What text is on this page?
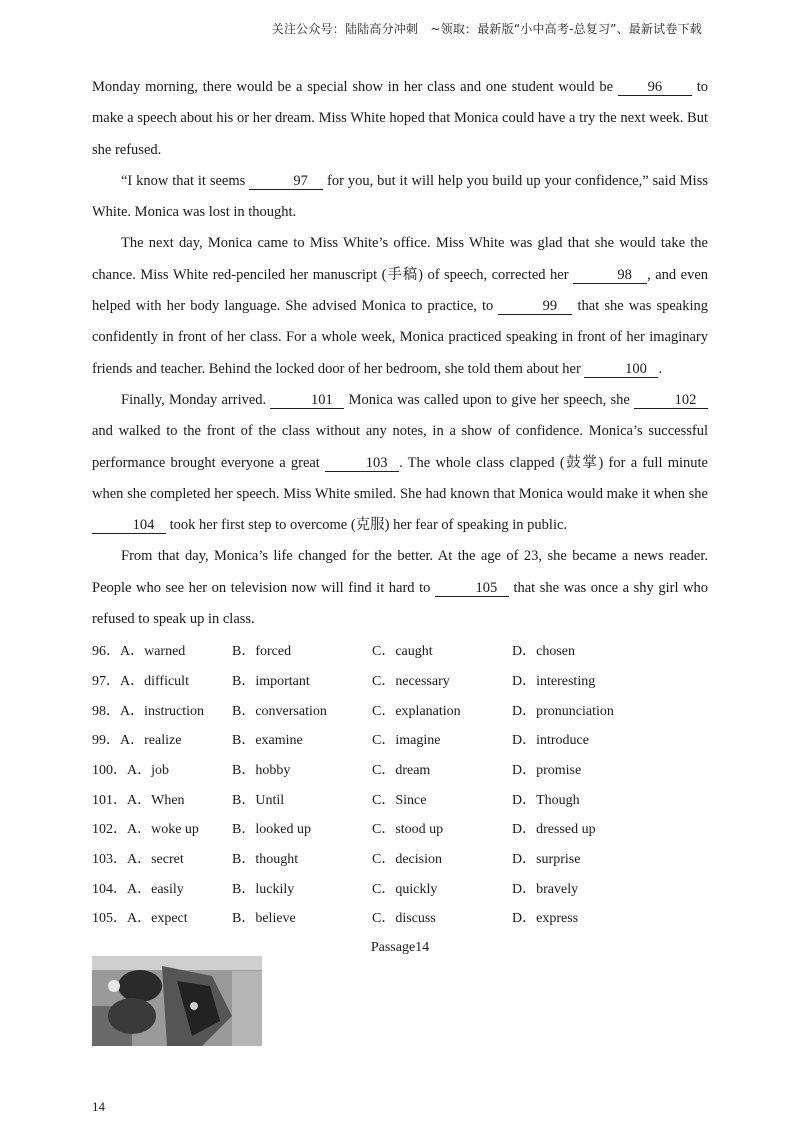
关注公众号：陆陆高分冲刺　~领取：最新版“小中高考-总复习”、最新试卷下载

Monday morning, there would be a special show in her class and one student would be 96 to make a speech about his or her dream. Miss White hoped that Monica could have a try the next week. But she refused.

“I know that it seems	97 for you, but it will help you build up your confidence,” said Miss White. Monica was lost in thought.

The next day, Monica came to Miss White’s office. Miss White was glad that she would take the chance. Miss White red-penciled her manuscript (手稿) of speech, corrected her	98 , and even helped with her body language. She advised Monica to practice, to	99 that she was speaking confidently in front of her class. For a whole week, Monica practiced speaking in front of her imaginary friends and teacher. Behind the locked door of her bedroom, she told them about her	100 .

Finally, Monday arrived.	101 Monica was called upon to give her speech, she	102 and walked to the front of the class without any notes, in a show of confidence. Monica’s successful performance brought everyone a great	103 . The whole class clapped (鼓掌) for a full minute when she completed her speech. Miss White smiled. She had known that Monica would make it when she 104 took her first step to overcome (克服) her fear of speaking in public.

From that day, Monica’s life changed for the better. At the age of 23, she became a news reader. People who see her on television now will find it hard to	105 that she was once a shy girl who refused to speak up in class.

96．A．warned	B．forced	C．caught	D．chosen
97．A．difficult	B．important	C．necessary	D．interesting
98．A．instruction	B．conversation	C．explanation	D．pronunciation
99．A．realize	B．examine	C．imagine	D．introduce
100．A．job	B．hobby	C．dream	D．promise
101．A．When	B．Until	C．Since	D．Though
102．A．woke up	B．looked up	C．stood up	D．dressed up
103．A．secret	B．thought	C．decision	D．surprise
104．A．easily	B．luckily	C．quickly	D．bravely
105．A．expect	B．believe	C．discuss	D．express
Passage14
14
